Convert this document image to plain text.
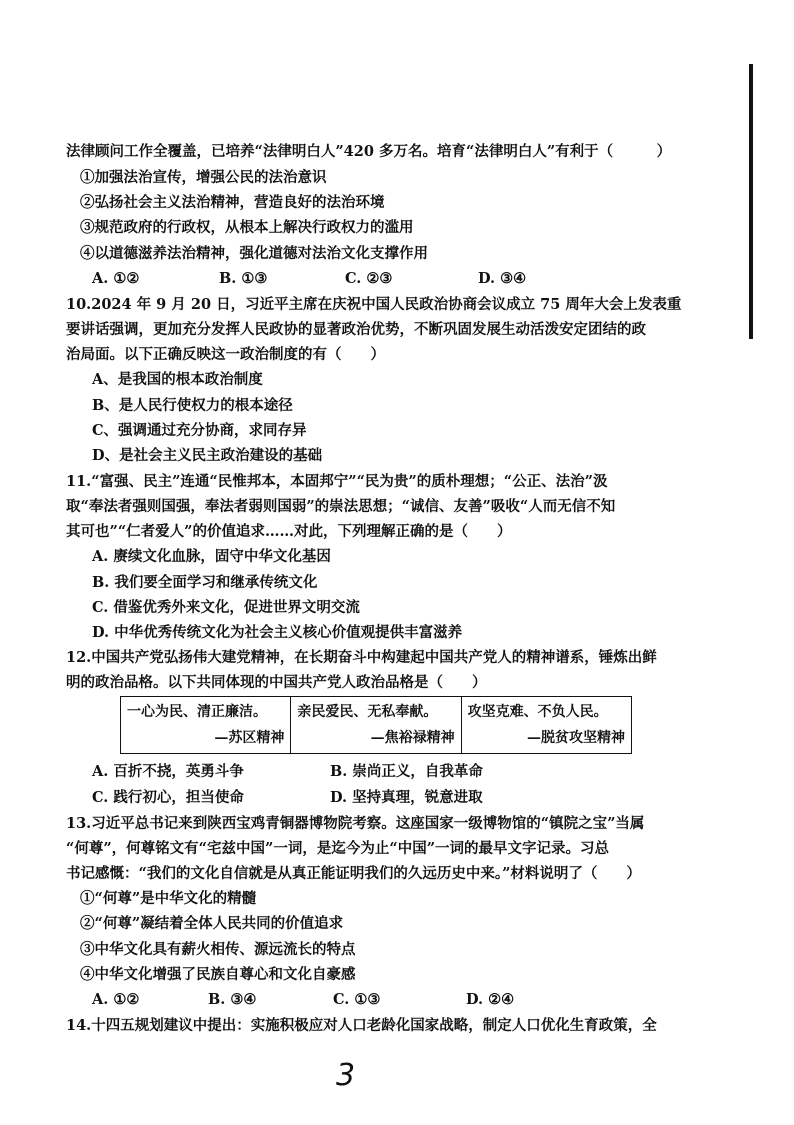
法律顾问工作全覆盖，已培养“法律明白人”420 多万名。培育“法律明白人”有利于（　　　）
①加强法治宣传，增强公民的法治意识
②弘扬社会主义法治精神，营造良好的法治环境
③规范政府的行政权，从根本上解决行政权力的滥用
④以道德滋养法治精神，强化道德对法治文化支撑作用
A. ①②	B. ①③	C. ②③	D. ③④
10.2024 年 9 月 20 日，习近平主席在庆祝中国人民政治协商会议成立 75 周年大会上发表重
要讲话强调，更加充分发挥人民政协的显著政治优势，不断巩固发展生动活泼安定团结的政
治局面。以下正确反映这一政治制度的有（　　）
A、是我国的根本政治制度
B、是人民行使权力的根本途径
C、强调通过充分协商，求同存异
D、是社会主义民主政治建设的基础
11.“富强、民主”连通“民惟邦本，本固邦宁”“民为贵”的质朴理想；“公正、法治”汲
取“奉法者强则国强，奉法者弱则国弱”的崇法思想；“诚信、友善”吸收“人而无信不知
其可也”“仁者爱人”的价值追求……对此，下列理解正确的是（　　）
A. 赓续文化血脉，固守中华文化基因
B. 我们要全面学习和继承传统文化
C. 借鉴优秀外来文化，促进世界文明交流
D. 中华优秀传统文化为社会主义核心价值观提供丰富滋养
12.中国共产党弘扬伟大建党精神，在长期奋斗中构建起中国共产党人的精神谱系，锤炼出鲜
明的政治品格。以下共同体现的中国共产党人政治品格是（　　）
一心为民、清正廉洁。
—苏区精神

亲民爱民、无私奉献。
—焦裕禄精神

攻坚克难、不负人民。
—脱贫攻坚精神
A. 百折不挠，英勇斗争	B. 崇尚正义，自我革命
C. 践行初心，担当使命	D. 坚持真理，锐意进取
13.习近平总书记来到陕西宝鸡青铜器博物院考察。这座国家一级博物馆的“镇院之宝”当属
“何尊”，何尊铭文有“宅兹中国”一词，是迄今为止“中国”一词的最早文字记录。习总
书记感慨：“我们的文化自信就是从真正能证明我们的久远历史中来。”材料说明了（　　）
①“何尊”是中华文化的精髓
②“何尊”凝结着全体人民共同的价值追求
③中华文化具有薪火相传、源远流长的特点
④中华文化增强了民族自尊心和文化自豪感
A. ①②	B. ③④	C. ①③	D. ②④
14.十四五规划建议中提出：实施积极应对人口老龄化国家战略，制定人口优化生育政策，全
3
